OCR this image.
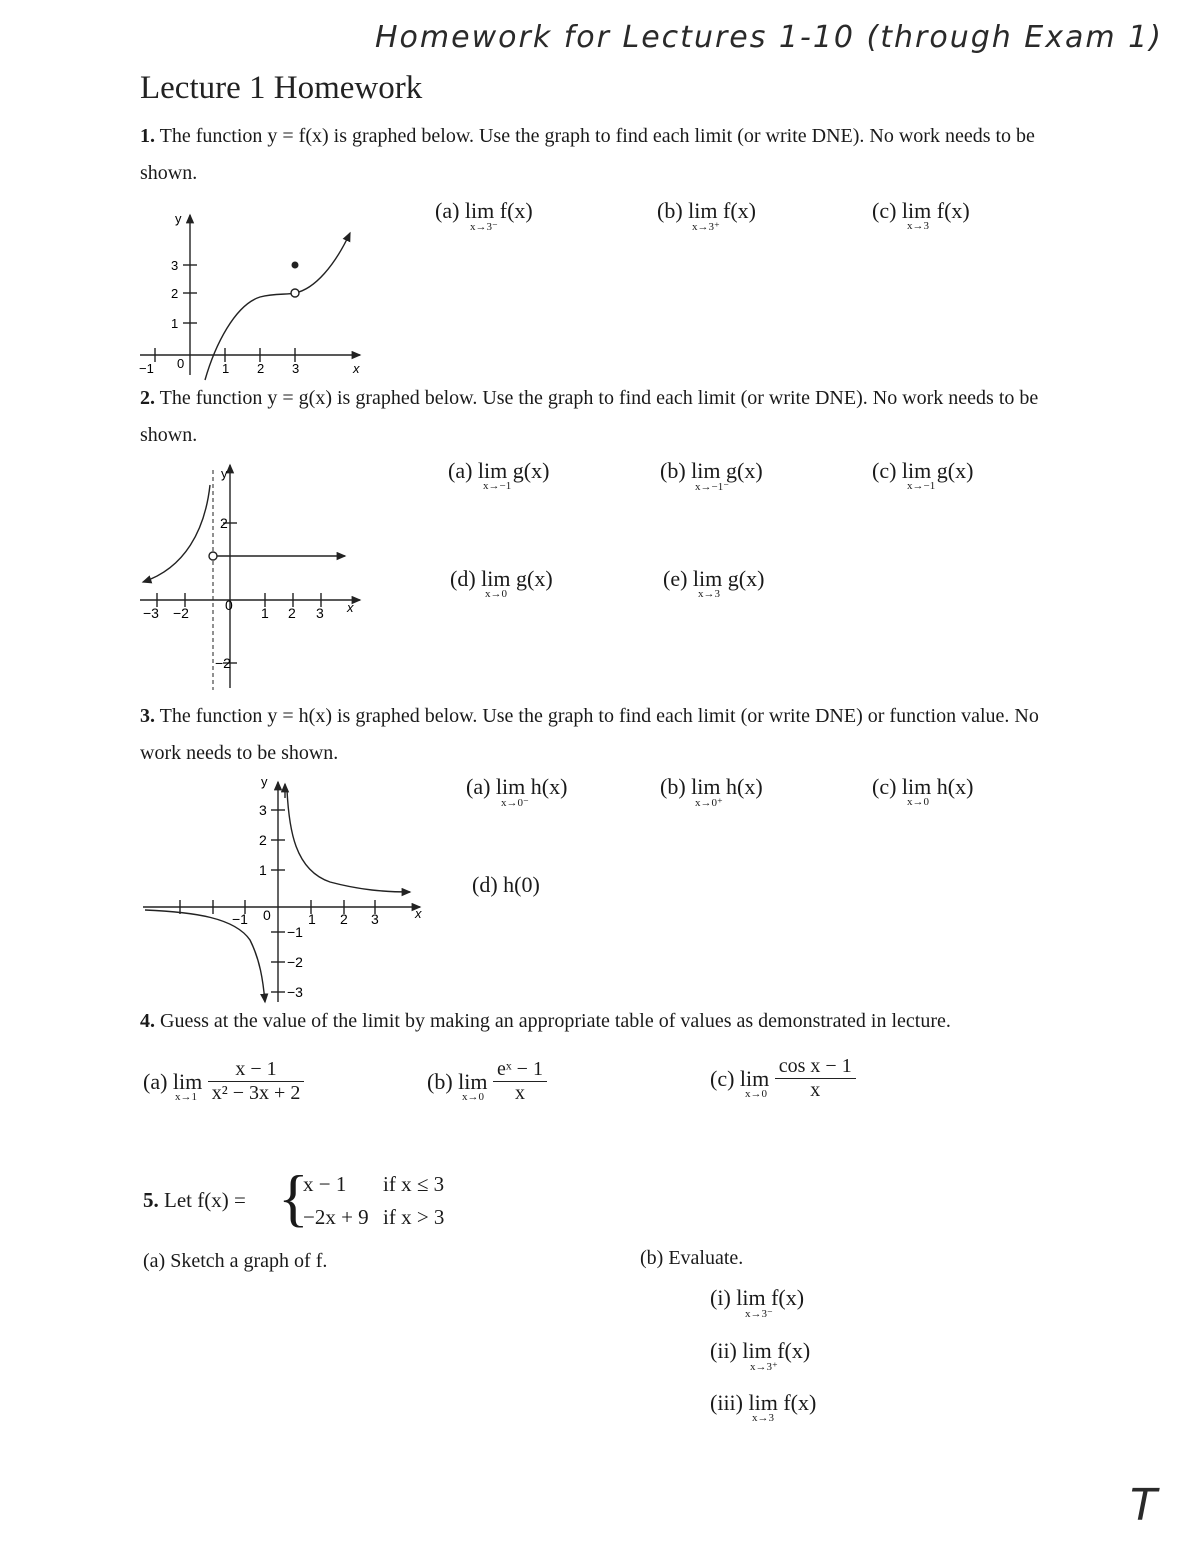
Homework for Lectures 1-10 (through Exam 1)
Lecture 1 Homework
1. The function y = f(x) is graphed below. Use the graph to find each limit (or write DNE). No work needs to be shown.
(a) lim f(x)
x→3⁻
(b) lim f(x)
x→3⁺
(c) lim f(x)
x→3
y
x
0
−1	1 2 3
1
2
3
2. The function y = g(x) is graphed below. Use the graph to find each limit (or write DNE). No work needs to be shown.
(a) lim g(x)
x→−1
(b) lim g(x)
x→−1⁻
(c) lim g(x)
x→−1
(d) lim g(x)
x→0
(e) lim g(x)
x→3
y
x
0
−3 −2	1 2 3
2
−2
3. The function y = h(x) is graphed below. Use the graph to find each limit (or write DNE) or function value. No work needs to be shown.
(a) lim h(x)
x→0⁻
(b) lim h(x)
x→0⁺
(c) lim h(x)
x→0
(d) h(0)
y
x
0
−1	1 2 3
1
2
3
−1
−2
−3
4. Guess at the value of the limit by making an appropriate table of values as demonstrated in lecture.
(a) lim
x→1
$\frac{x - 1}{\text{x² − 3x + 2}}$	(b) lim
x→0
$\frac{\text{eˣ − 1}}{x}$	(c) lim
x→0
$\frac{\text{cos x − 1}}{x}$
5. Let f(x) = {
x − 1 if x ≤ 3
−2x + 9 if x > 3
(a) Sketch a graph of f.	(b) Evaluate.
(i) lim f(x)
x→3⁻
(ii) lim f(x)
x→3⁺
(iii) lim f(x)
x→3
T
